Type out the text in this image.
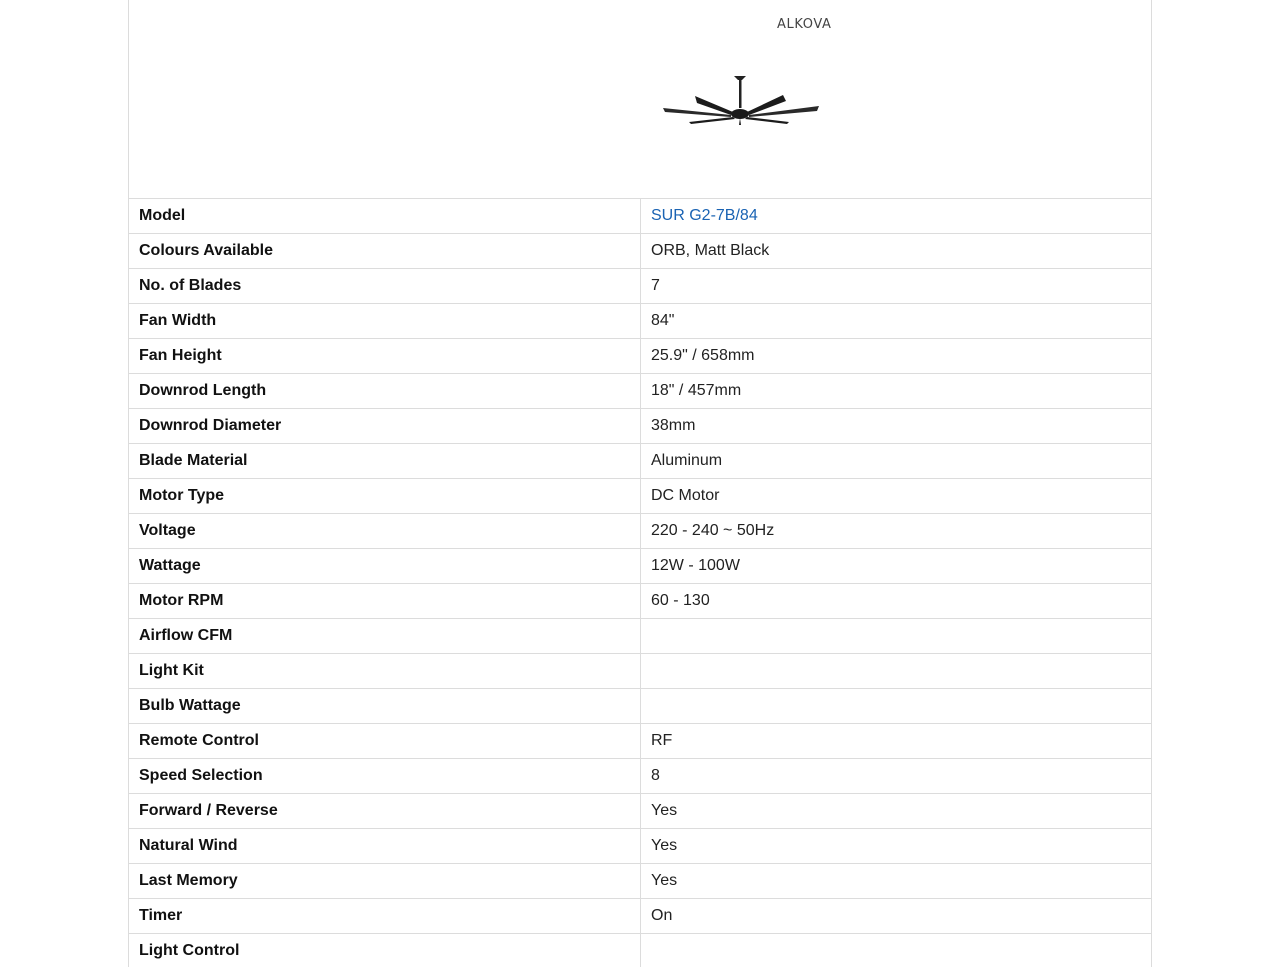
ALKOVA
Model	SUR G2-7B/84
Colours Available	ORB, Matt Black
No. of Blades	7
Fan Width	84"
Fan Height	25.9" / 658mm
Downrod Length	18" / 457mm
Downrod Diameter	38mm
Blade Material	Aluminum
Motor Type	DC Motor
Voltage	220 - 240 ~ 50Hz
Wattage	12W - 100W
Motor RPM	60 - 130
Airflow CFM	
Light Kit	
Bulb Wattage	
Remote Control	RF
Speed Selection	8
Forward / Reverse	Yes
Natural Wind	Yes
Last Memory	Yes
Timer	On
Light Control	
